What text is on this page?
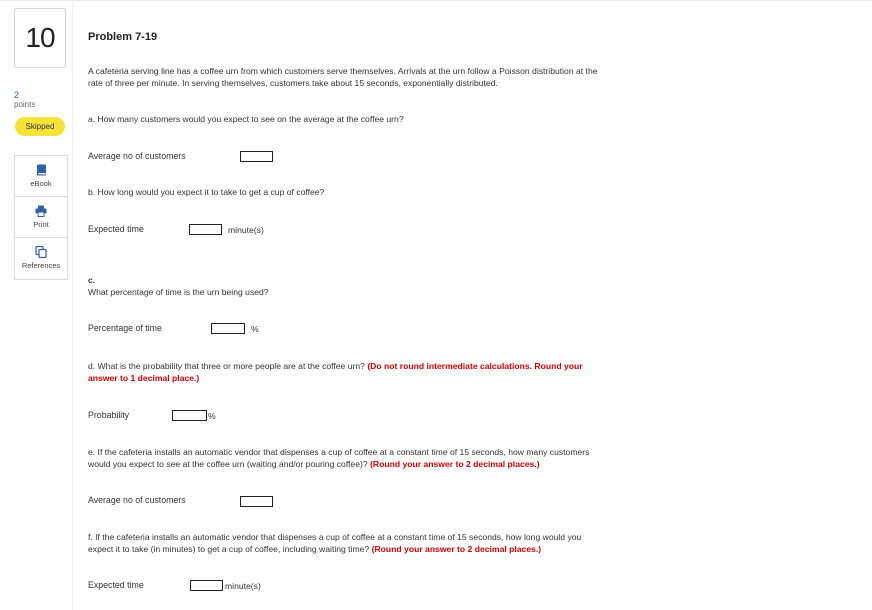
10
2
points
Skipped
eBook
Print
References
Problem 7-19
A cafeteria serving line has a coffee urn from which customers serve themselves. Arrivals at the urn follow a Poisson distribution at the
rate of three per minute. In serving themselves, customers take about 15 seconds, exponentially distributed.
a. How many customers would you expect to see on the average at the coffee urn?
Average no of customers
b. How long would you expect it to take to get a cup of coffee?
Expected time	minute(s)
c.
What percentage of time is the urn being used?
Percentage of time	%
d. What is the probability that three or more people are at the coffee urn? (Do not round intermediate calculations. Round your
answer to 1 decimal place.)
Probability	%
e. If the cafeteria installs an automatic vendor that dispenses a cup of coffee at a constant time of 15 seconds, how many customers
would you expect to see at the coffee urn (waiting and/or pouring coffee)? (Round your answer to 2 decimal places.)
Average no of customers
f. If the cafeteria installs an automatic vendor that dispenses a cup of coffee at a constant time of 15 seconds, how long would you
expect it to take (in minutes) to get a cup of coffee, including waiting time? (Round your answer to 2 decimal places.)
Expected time	minute(s)
